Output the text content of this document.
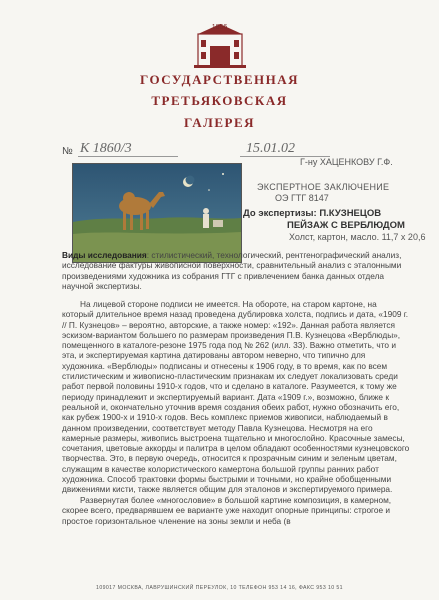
1856
ГОСУДАРСТВЕННАЯ
ТРЕТЬЯКОВСКАЯ
ГАЛЕРЕЯ
№ К 1860/3	15.01.02
Г-ну ХАЦЕНКОВУ Г.Ф.
ЭКСПЕРТНОЕ ЗАКЛЮЧЕНИЕ
ОЭ ГТГ 8147
До экспертизы: П.КУЗНЕЦОВ
ПЕЙЗАЖ С ВЕРБЛЮДОМ
Холст, картон, масло. 11,7 х 20,6

Виды исследования: стилистический, технологический, рентгенографический анализ, исследование фактуры живописной поверхности, сравнительный анализ с эталонными произведениями художника из собрания ГТГ с привлечением банка данных отдела научной экспертизы.

На лицевой стороне подписи не имеется. На обороте, на старом картоне, на который длительное время назад проведена дублировка холста, подпись и дата, «1909 г. // П. Кузнецов» – вероятно, авторские, а также номер: «192». Данная работа является эскизом-вариантом большего по размерам произведения П.В. Кузнецова «Верблюды», помещенного в каталоге-резоне 1975 года под № 262 (илл. 33). Важно отметить, что и эта, и экспертируемая картина датированы автором неверно, что типично для художника. «Верблюды» подписаны и отнесены к 1906 году, в то время, как по всем стилистическим и живописно-пластическим признакам их следует локализовать среди работ первой половины 1910-х годов, что и сделано в каталоге. Разумеется, к тому же периоду принадлежит и экспертируемый вариант. Дата «1909 г.», возможно, ближе к реальной и, окончательно уточнив время создания обеих работ, нужно обозначить его, как рубеж 1900-х и 1910-х годов. Весь комплекс приемов живописи, наблюдаемый в данном произведении, соответствует методу Павла Кузнецова. Несмотря на его камерные размеры, живопись выстроена тщательно и многослойно. Красочные замесы, сочетания, цветовые аккорды и палитра в целом обладают особенностями кузнецовского творчества. Это, в первую очередь, относится к прозрачным синим и зеленым цветам, служащим в качестве колористического камертона большой группы ранних работ художника. Способ трактовки формы быстрыми и точными, но крайне обобщенными движениями кисти, также является общим для эталонов и экспертируемого примера.

Развернутая более «многословие» в большой картине композиция, в камерном, скорее всего, предварявшем ее варианте уже находит опорные принципы: строгое и простое горизонтальное членение на зоны земли и неба (в

109017 МОСКВА, ЛАВРУШИНСКИЙ ПЕРЕУЛОК, 10 ТЕЛЕФОН 953 14 16, ФАКС 953 10 51
